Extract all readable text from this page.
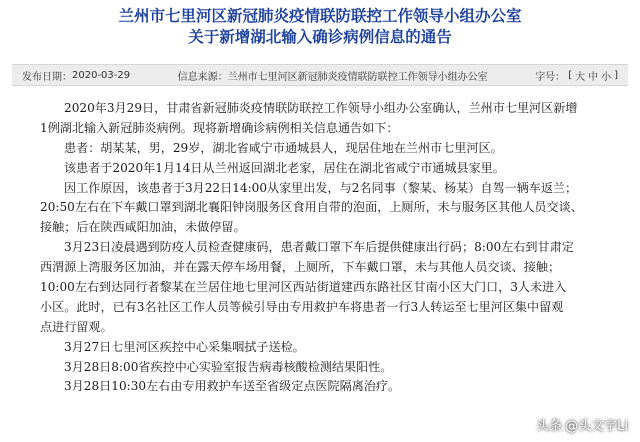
兰州市七里河区新冠肺炎疫情联防联控工作领导小组办公室
关于新增湖北输入确诊病例信息的通告
发布日期： 2020-03-29	信息来源： 兰州市七里河区新冠肺炎疫情联防联控工作领导小组办公室	字号： [ 大 中 小 ]
2020年3月29日，甘肃省新冠肺炎疫情联防联控工作领导小组办公室确认，兰州市七里河区新增
1例湖北输入新冠肺炎病例。现将新增确诊病例相关信息通告如下：
患者：胡某某，男，29岁，湖北省咸宁市通城县人，现居住地在兰州市七里河区。
该患者于2020年1月14日从兰州返回湖北老家，居住在湖北省咸宁市通城县家里。
因工作原因，该患者于3月22日14:00从家里出发，与2名同事（黎某、杨某）自驾一辆车返兰；
20:50左右在下车戴口罩到湖北襄阳钟岗服务区食用自带的泡面，上厕所，未与服务区其他人员交谈、
接触；后在陕西咸阳加油，未做停留。
3月23日凌晨遇到防疫人员检查健康码，患者戴口罩下车后提供健康出行码；8:00左右到甘肃定
西渭源上湾服务区加油，并在露天停车场用餐，上厕所，下车戴口罩，未与其他人员交谈、接触；
10:00左右到达同行者黎某在兰居住地七里河区西站街道建西东路社区甘南小区大门口，3人未进入
小区。此时，已有3名社区工作人员等候引导由专用救护车将患者一行3人转运至七里河区集中留观
点进行留观。
3月27日七里河区疾控中心采集咽拭子送检。
3月28日8:00省疾控中心实验室报告病毒核酸检测结果阳性。
3月28日10:30左右由专用救护车送至省级定点医院隔离治疗。
头条 @头文字Li
